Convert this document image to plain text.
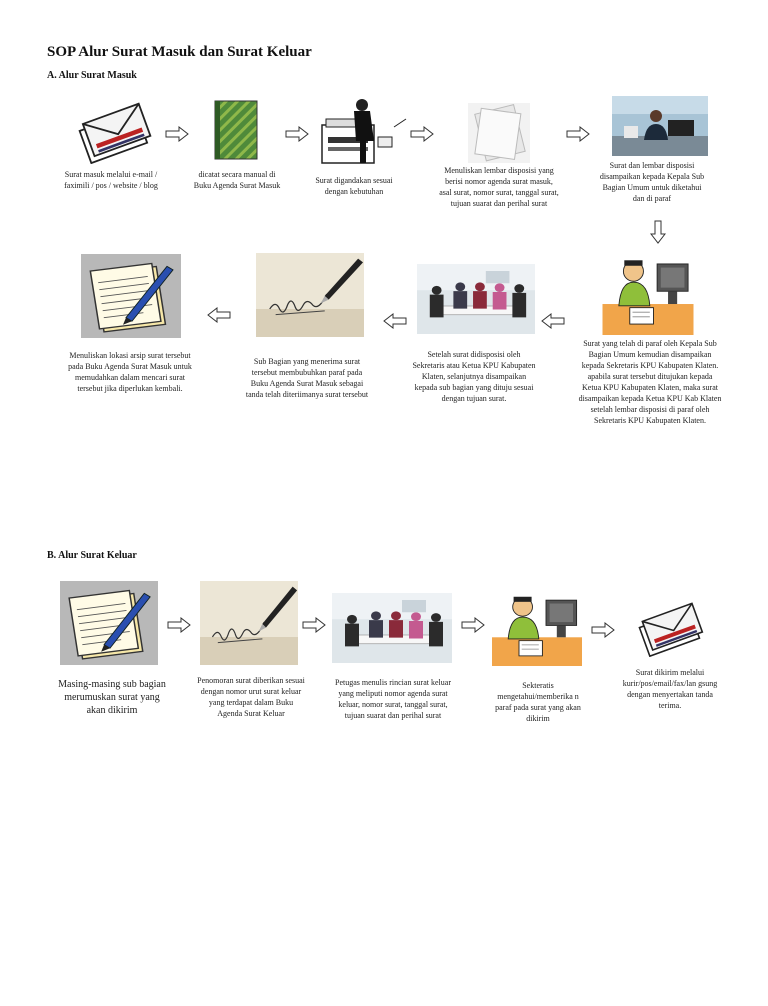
SOP Alur Surat Masuk dan Surat Keluar
A. Alur Surat Masuk
Surat masuk melalui e-mail / faximili / pos / website / blog
dicatat secara manual di Buku Agenda Surat Masuk
Surat digandakan sesuai dengan kebutuhan
Menuliskan lembar disposisi yang berisi nomor agenda surat masuk, asal surat, nomor surat, tanggal surat, tujuan suarat dan perihal surat
Surat dan lembar disposisi disampaikan kepada Kepala Sub Bagian Umum untuk diketahui dan di paraf
Surat yang telah di paraf oleh Kepala Sub Bagian Umum kemudian disampaikan kepada Sekretaris KPU Kabupaten Klaten. apabila surat tersebut ditujukan kepada Ketua KPU Kabupaten Klaten, maka surat disampaikan kepada Ketua KPU Kab Klaten setelah lembar disposisi di paraf oleh Sekretaris KPU Kabupaten Klaten.
Setelah surat didisposisi oleh Sekretaris atau Ketua KPU Kabupaten Klaten, selanjutnya disampaikan kepada sub bagian yang dituju sesuai dengan tujuan surat.
Sub Bagian yang menerima surat tersebut membubuhkan paraf pada Buku Agenda Surat Masuk sebagai tanda telah diteriimanya surat tersebut
Menuliskan lokasi arsip surat tersebut pada Buku Agenda Surat Masuk untuk memudahkan dalam mencari surat tersebut jika diperlukan kembali.
B. Alur Surat Keluar
Masing-masing sub bagian merumuskan surat yang akan dikirim
Penomoran surat diberikan sesuai dengan nomor urut surat keluar yang terdapat dalam Buku Agenda Surat Keluar
Petugas menulis rincian surat keluar yang meliputi nomor agenda surat keluar, nomor surat, tanggal surat, tujuan suarat dan perihal surat
Sekteratis mengetahui/memberika n paraf pada surat yang akan dikirim
Surat dikirim melalui kurir/pos/email/fax/lan gsung dengan menyertakan tanda terima.
